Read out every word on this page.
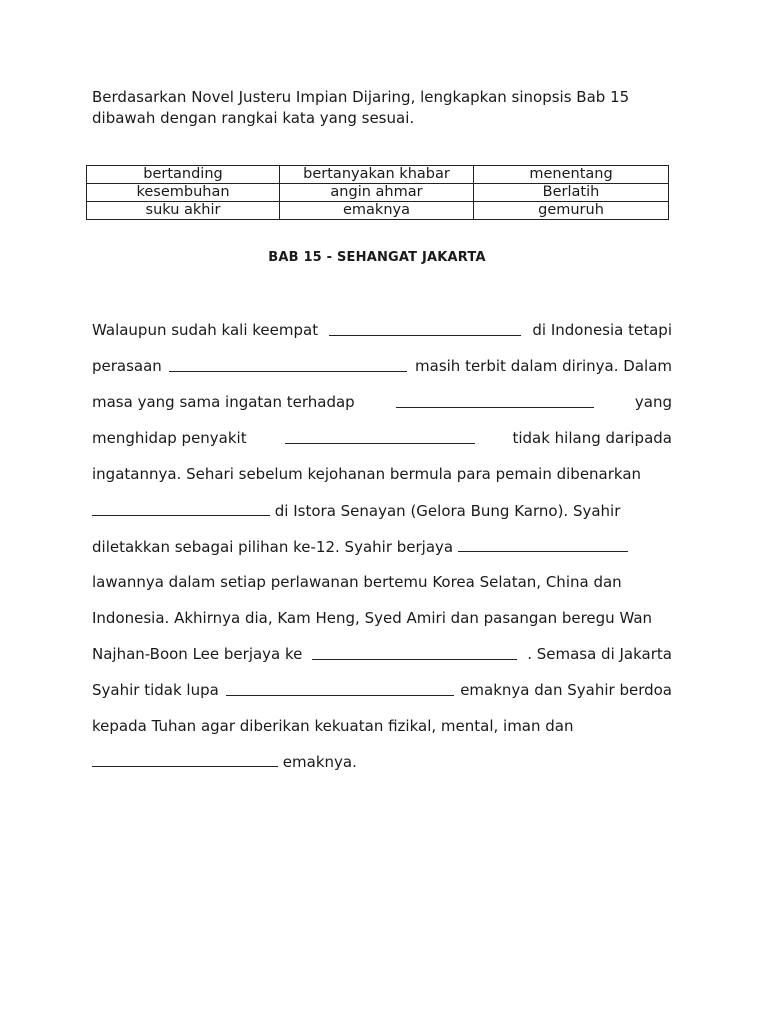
Berdasarkan Novel Justeru Impian Dijaring, lengkapkan sinopsis Bab 15
dibawah dengan rangkai kata yang sesuai.
bertanding	bertanyakan khabar	menentang
kesembuhan	angin ahmar	Berlatih
suku akhir	emaknya	gemuruh
BAB 15 - SEHANGAT JAKARTA
Walaupun sudah kali keempat	di Indonesia tetapi
perasaan	masih terbit dalam dirinya. Dalam
masa yang sama ingatan terhadap	yang
menghidap penyakit	tidak hilang daripada
ingatannya. Sehari sebelum kejohanan bermula para pemain dibenarkan
di Istora Senayan (Gelora Bung Karno). Syahir
diletakkan sebagai pilihan ke-12. Syahir berjaya
lawannya dalam setiap perlawanan bertemu Korea Selatan, China dan
Indonesia. Akhirnya dia, Kam Heng, Syed Amiri dan pasangan beregu Wan
Najhan-Boon Lee berjaya ke	. Semasa di Jakarta
Syahir tidak lupa	emaknya dan Syahir berdoa
kepada Tuhan agar diberikan kekuatan fizikal, mental, iman dan
emaknya.
